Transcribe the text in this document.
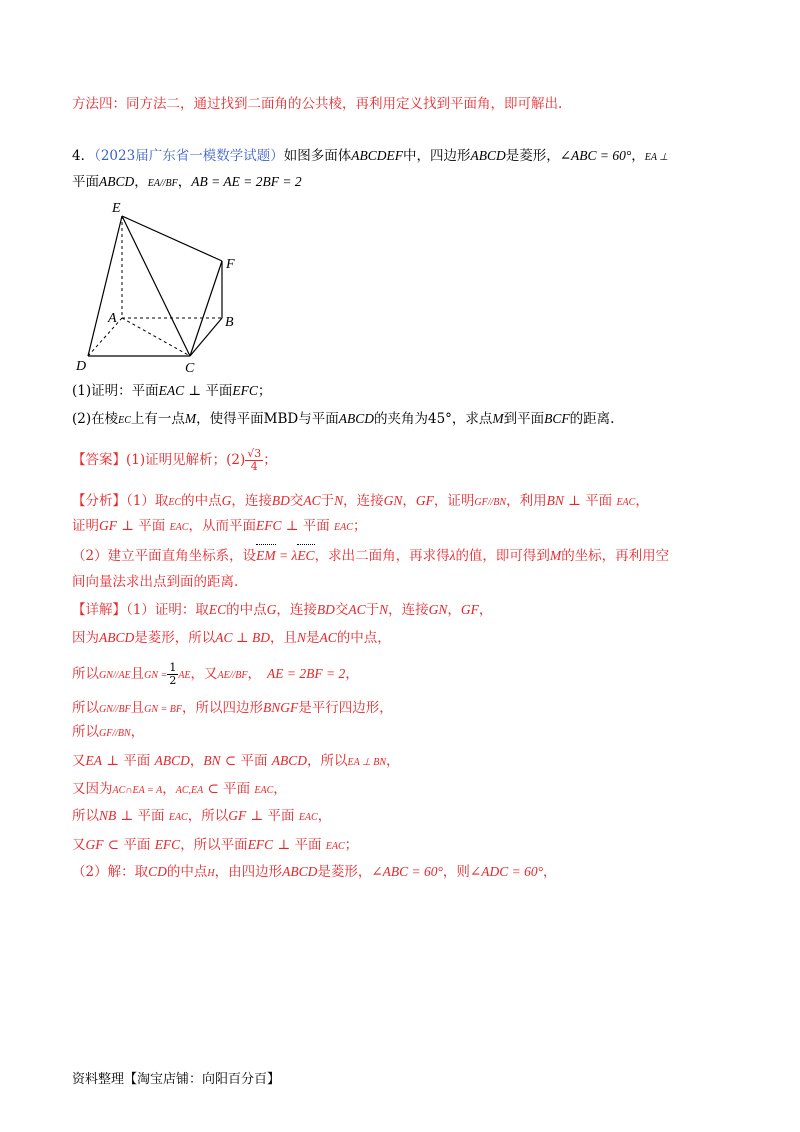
方法四：同方法二，通过找到二面角的公共棱，再利用定义找到平面角，即可解出.
4．（2023届广东省一模数学试题）如图多面体ABCDEF中，四边形ABCD是菱形，∠ABC = 60°，EA ⊥
平面ABCD，EA//BF，AB = AE = 2BF = 2
E
F
A	B
C
D
(1)证明：平面EAC ⊥ 平面EFC；
(2)在棱EC上有一点M，使得平面MBD与平面ABCD的夹角为45°，求点M到平面BCF的距离.
【答案】(1)证明见解析；$(2) \frac{√3}{4}$ ；
【分析】（1）取EC的中点G，连接BD交AC于N，连接GN，GF，证明GF//BN，利用BN ⊥ 平面 EAC，
证明GF ⊥ 平面 EAC，从而平面EFC ⊥ 平面 EAC；
（2）建立平面直角坐标系，设EM = λEC，求出二面角，再求得λ的值，即可得到M的坐标，再利用空
间向量法求出点到面的距离.
【详解】（1）证明：取EC的中点G，连接BD交AC于N，连接GN，GF，
因为ABCD是菱形，所以AC ⊥ BD，且N是AC的中点，
所以GN//AE且GN = $\frac{1}{2}$ AE，又AE//BF， AE = 2BF = 2，
所以GN//BF且GN = BF，所以四边形BNGF是平行四边形，
所以GF//BN，
又EA ⊥ 平面 ABCD，BN ⊂ 平面 ABCD，所以EA ⊥ BN，
又因为AC∩EA = A，AC,EA ⊂ 平面 EAC，
所以NB ⊥ 平面 EAC，所以GF ⊥ 平面 EAC，
又GF ⊂ 平面 EFC，所以平面EFC ⊥ 平面 EAC；
（2）解：取CD的中点H，由四边形ABCD是菱形，∠ABC = 60°，则∠ADC = 60°，
资料整理【淘宝店铺：向阳百分百】
